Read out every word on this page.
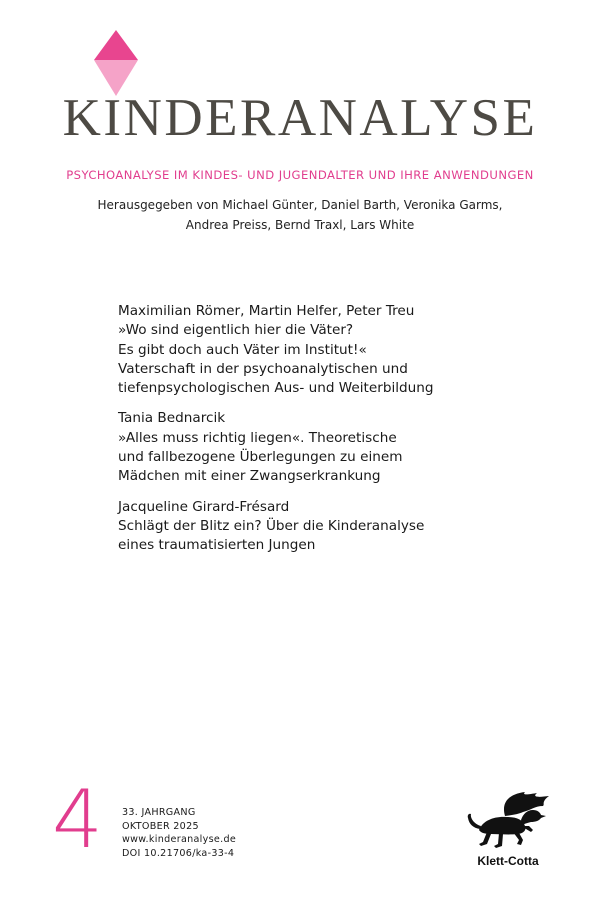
KINDERANALYSE
PSYCHOANALYSE IM KINDES- UND JUGENDALTER UND IHRE ANWENDUNGEN
Herausgegeben von Michael Günter, Daniel Barth, Veronika Garms,
Andrea Preiss, Bernd Traxl, Lars White
Maximilian Römer, Martin Helfer, Peter Treu
»Wo sind eigentlich hier die Väter?
Es gibt doch auch Väter im Institut!«
Vaterschaft in der psychoanalytischen und
tiefenpsychologischen Aus- und Weiterbildung
Tania Bednarcik
»Alles muss richtig liegen«. Theoretische
und fallbezogene Überlegungen zu einem
Mädchen mit einer Zwangserkrankung
Jacqueline Girard-Frésard
Schlägt der Blitz ein? Über die Kinderanalyse
eines traumatisierten Jungen
4 33. JAHRGANG
OKTOBER 2025
www.kinderanalyse.de
DOI 10.21706/ka-33-4
Klett-Cotta
